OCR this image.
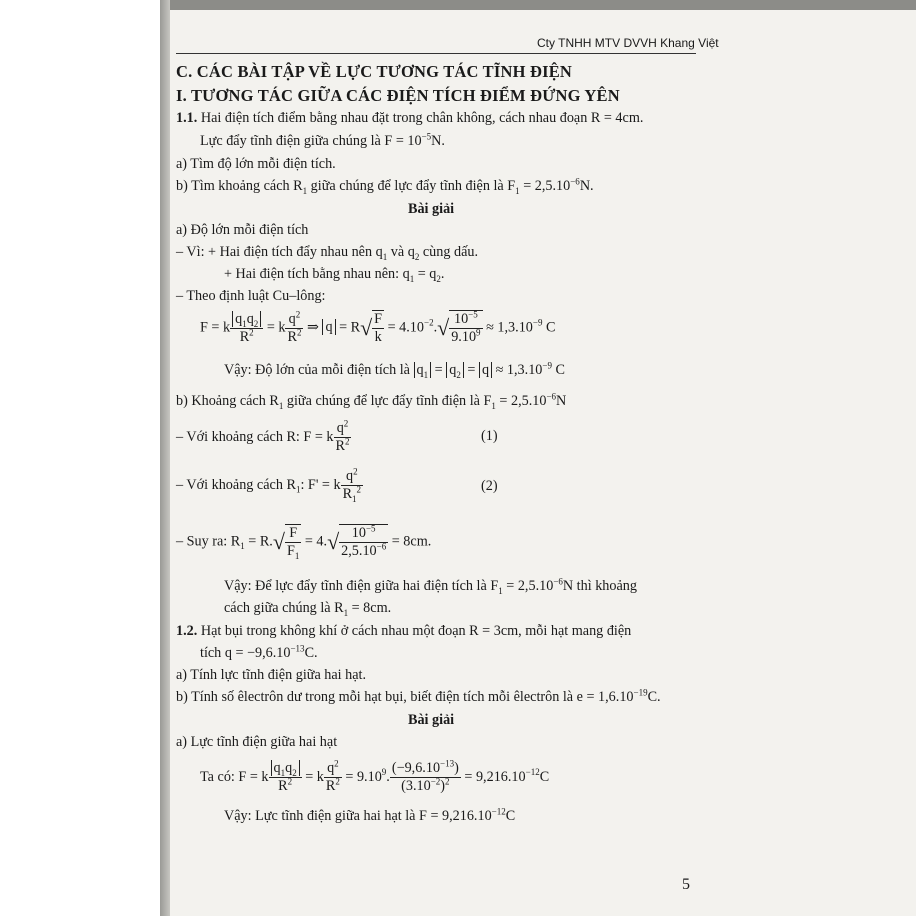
Cty TNHH MTV DVVH Khang Việt
C. CÁC BÀI TẬP VỀ LỰC TƯƠNG TÁC TĨNH ĐIỆN
I. TƯƠNG TÁC GIỮA CÁC ĐIỆN TÍCH ĐIỂM ĐỨNG YÊN
1.1. Hai điện tích điểm bằng nhau đặt trong chân không, cách nhau đoạn R = 4cm.
Lực đẩy tĩnh điện giữa chúng là $F = 10^{-5}N$.
a) Tìm độ lớn mỗi điện tích.
b) Tìm khoảng cách $R_1$ giữa chúng để lực đẩy tĩnh điện là $F_1 = 2,5.10^{-6}N$.
Bài giải
a) Độ lớn mỗi điện tích
– Vì: + Hai điện tích đẩy nhau nên $q_1$ và $q_2$ cùng dấu.
+ Hai điện tích bằng nhau nên: $q_1 = q_2$.
– Theo định luật Cu–lông:
F = k $\frac{q_1q_2}{R^2} = k \frac{q^2}{R^2}$ ⇒ $q = R√ \frac{F}{k} = 4.10^{-2}.√ \frac{10^{-5}}{9.10^9} \approx 1,3.10^{-9}$ C
Vậy: Độ lớn của mỗi điện tích là $q_1 = q_2 = q \approx 1,3.10^{-9}$ C
b) Khoảng cách $R_1$ giữa chúng để lực đẩy tĩnh điện là $F_1 = 2,5.10^{-6}N$
– Với khoảng cách R: F = k $\frac{q^2}{R^2}$	(1)
– Với khoảng cách $R_1$: F' = k $\frac{q^2}{R_1^2}$	(2)
– Suy ra: $R_1 = R.√ \frac{F}{F_1} = 4.√ \frac{10^{-5}}{2,5.10^{-6}} = 8cm$.
Vậy: Để lực đẩy tĩnh điện giữa hai điện tích là $F_1 = 2,5.10^{-6}N$ thì khoảng
cách giữa chúng là $R_1 = 8cm$.
1.2. Hạt bụi trong không khí ở cách nhau một đoạn R = 3cm, mỗi hạt mang điện
tích $q = -9,6.10^{-13}C$.
a) Tính lực tĩnh điện giữa hai hạt.
b) Tính số êlectrôn dư trong mỗi hạt bụi, biết điện tích mỗi êlectrôn là $e = 1,6.10^{-19}C$.
Bài giải
a) Lực tĩnh điện giữa hai hạt
Ta có: F = k $\frac{q_1q_2}{R^2} = k \frac{q^2}{R^2} = 9.10^9$. $\frac{(-9,6.10^{-13})}{(3.10^{-2})^2} = 9,216.10^{-12}C$
Vậy: Lực tĩnh điện giữa hai hạt là $F = 9,216.10^{-12}C$
5
